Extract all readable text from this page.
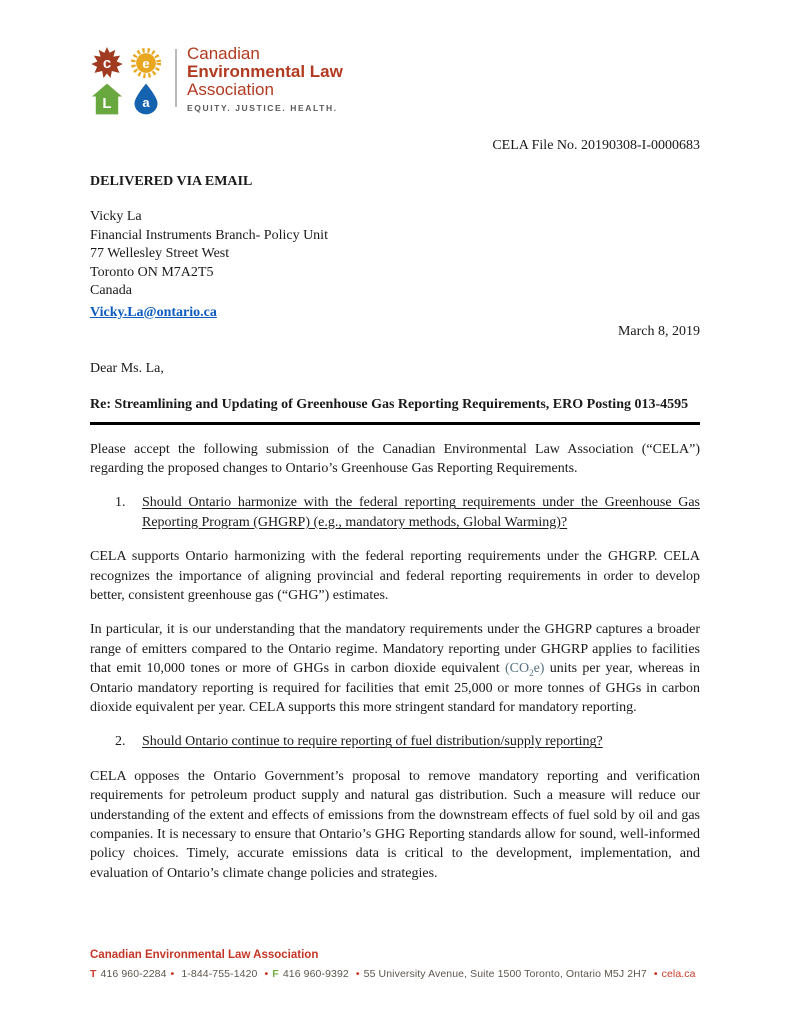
c	e
L	a
Canadian
Environmental Law
Association
EQUITY. JUSTICE. HEALTH.
CELA File No. 20190308-I-0000683
DELIVERED VIA EMAIL
Vicky La
Financial Instruments Branch- Policy Unit
77 Wellesley Street West
Toronto ON M7A2T5
Canada
Vicky.La@ontario.ca
March 8, 2019
Dear Ms. La,
Re: Streamlining and Updating of Greenhouse Gas Reporting Requirements, ERO Posting 013-4595

Please accept the following submission of the Canadian Environmental Law Association (“CELA”) regarding the proposed changes to Ontario’s Greenhouse Gas Reporting Requirements.

1.	Should Ontario harmonize with the federal reporting requirements under the Greenhouse Gas Reporting Program (GHGRP) (e.g., mandatory methods, Global Warming)?

CELA supports Ontario harmonizing with the federal reporting requirements under the GHGRP. CELA recognizes the importance of aligning provincial and federal reporting requirements in order to develop better, consistent greenhouse gas (“GHG”) estimates.

In particular, it is our understanding that the mandatory requirements under the GHGRP captures a broader range of emitters compared to the Ontario regime. Mandatory reporting under GHGRP applies to facilities that emit 10,000 tones or more of GHGs in carbon dioxide equivalent $(CO_2e)$ units per year, whereas in Ontario mandatory reporting is required for facilities that emit 25,000 or more tonnes of GHGs in carbon dioxide equivalent per year. CELA supports this more stringent standard for mandatory reporting.

2.	Should Ontario continue to require reporting of fuel distribution/supply reporting?

CELA opposes the Ontario Government’s proposal to remove mandatory reporting and verification requirements for petroleum product supply and natural gas distribution. Such a measure will reduce our understanding of the extent and effects of emissions from the downstream effects of fuel sold by oil and gas companies. It is necessary to ensure that Ontario’s GHG Reporting standards allow for sound, well-informed policy choices. Timely, accurate emissions data is critical to the development, implementation, and evaluation of Ontario’s climate change policies and strategies.

Canadian Environmental Law Association
T 416 960-2284 • 1-844-755-1420 • F 416 960-9392 • 55 University Avenue, Suite 1500 Toronto, Ontario M5J 2H7 • cela.ca
